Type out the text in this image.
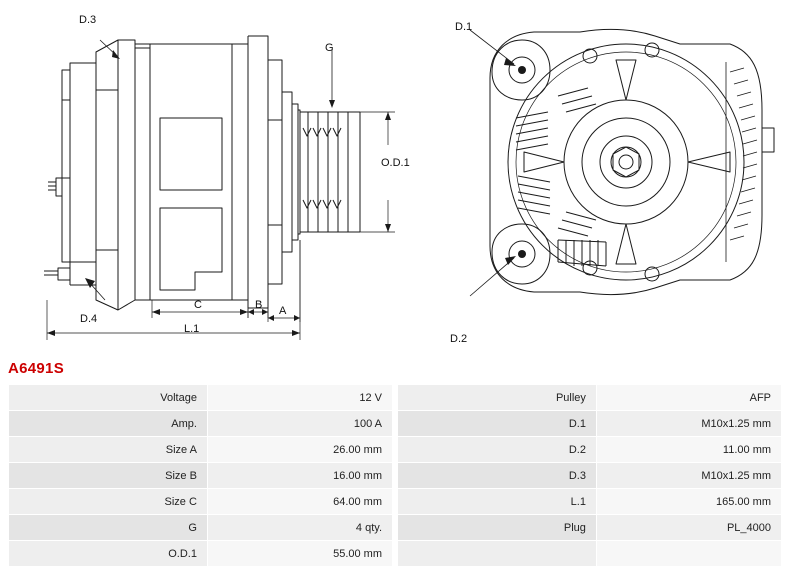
D.3
G
O.D.1
D.4
C	B A
L.1
D.1
D.2
A6491S
Voltage	12 V
Amp.	100 A
Size A	26.00 mm
Size B	16.00 mm
Size C	64.00 mm
G	4 qty.
O.D.1	55.00 mm
Pulley	AFP
D.1	M10x1.25 mm
D.2	11.00 mm
D.3	M10x1.25 mm
L.1	165.00 mm
Plug	PL_4000
